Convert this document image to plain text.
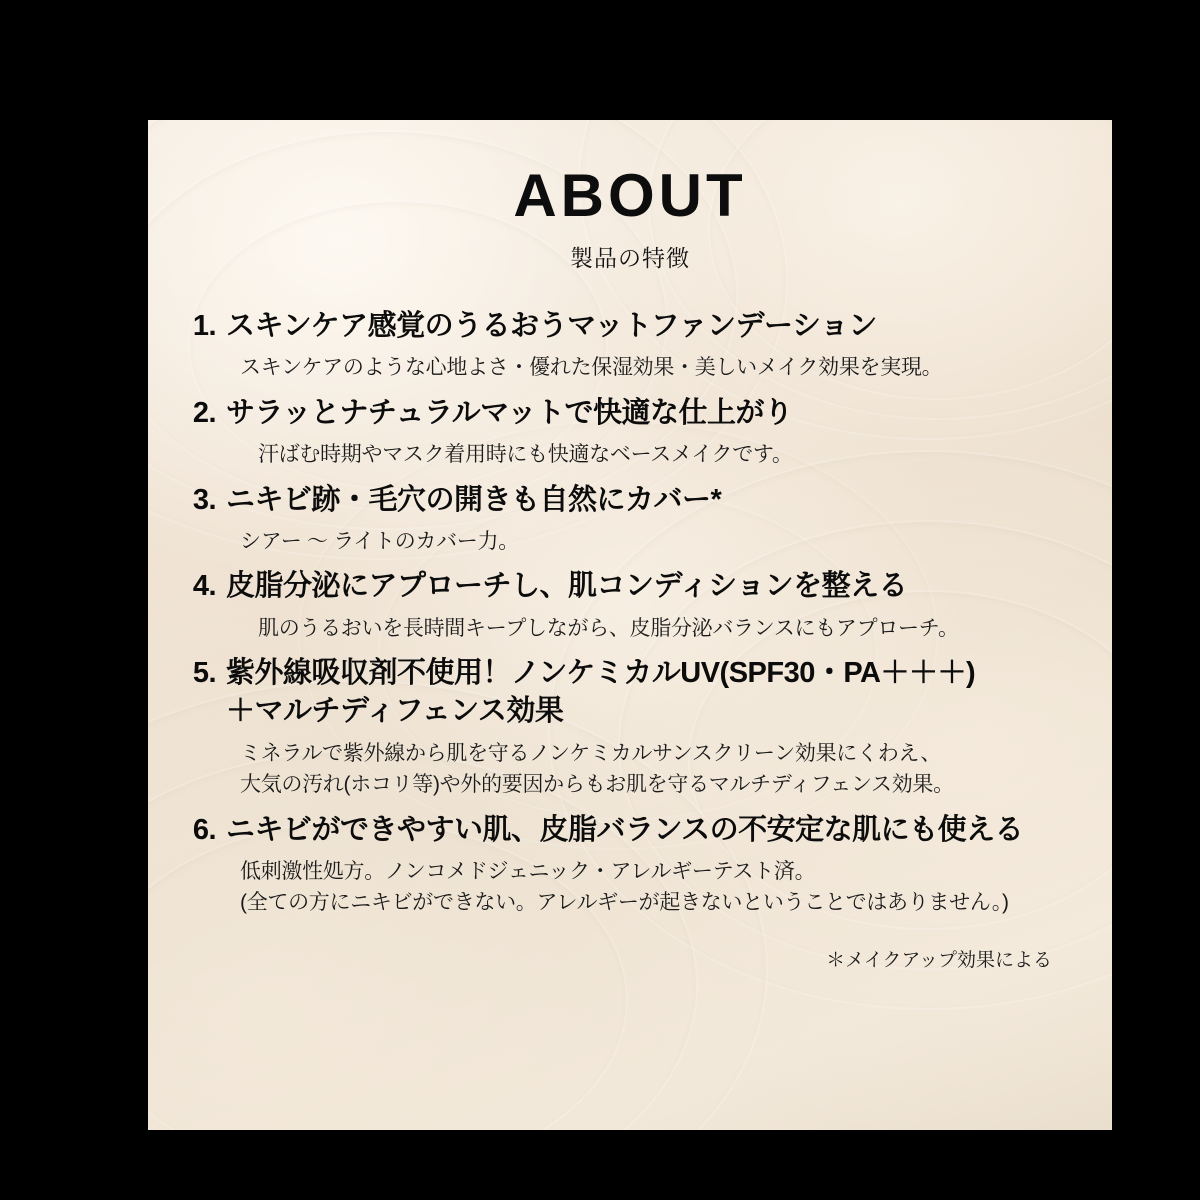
ABOUT
製品の特徴
1. スキンケア感覚のうるおうマットファンデーション
スキンケアのような心地よさ・優れた保湿効果・美しいメイク効果を実現。
2. サラッとナチュラルマットで快適な仕上がり
汗ばむ時期やマスク着用時にも快適なベースメイクです。
3. ニキビ跡・毛穴の開きも自然にカバー*
シアー 〜 ライトのカバー力。
4. 皮脂分泌にアプローチし、肌コンディションを整える
肌のうるおいを長時間キープしながら、皮脂分泌バランスにもアプローチ。
5. 紫外線吸収剤不使用！ノンケミカルUV(SPF30・PA＋＋＋)
＋マルチディフェンス効果
ミネラルで紫外線から肌を守るノンケミカルサンスクリーン効果にくわえ、
大気の汚れ(ホコリ等)や外的要因からもお肌を守るマルチディフェンス効果。
6. ニキビができやすい肌、皮脂バランスの不安定な肌にも使える
低刺激性処方。ノンコメドジェニック・アレルギーテスト済。
(全ての方にニキビができない。アレルギーが起きないということではありません。)
＊メイクアップ効果による
